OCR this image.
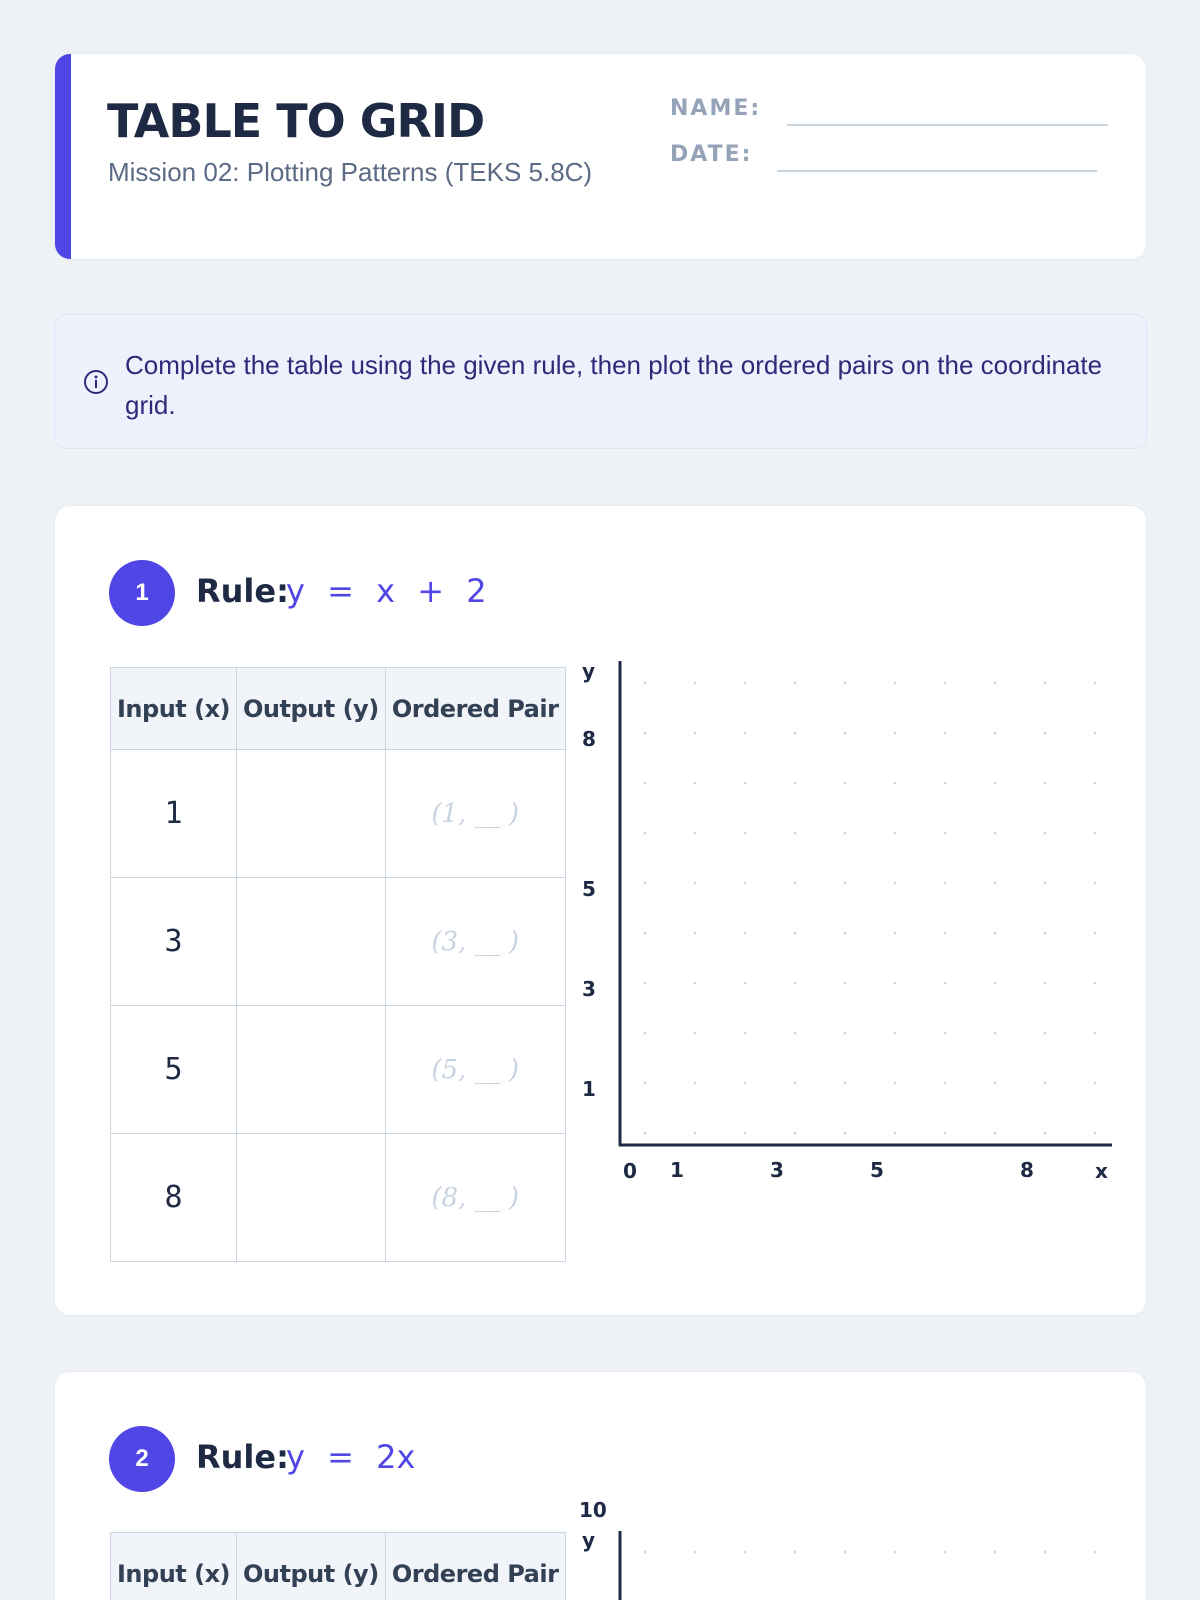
TABLE TO GRID
Mission 02: Plotting Patterns (TEKS 5.8C)
NAME:
DATE:
Complete the table using the given rule, then plot the ordered pairs on the coordinate grid.
1	Rule:
y = x + 2
Input (x)	Output (y)	Ordered Pair
1		(1, __ )
3		(3, __ )
5		(5, __ )
8		(8, __ )
y
x
0 1	3	5	8
8
5
3
1
2	Rule:
y = 2x
Input (x)	Output (y)	Ordered Pair
10
y
